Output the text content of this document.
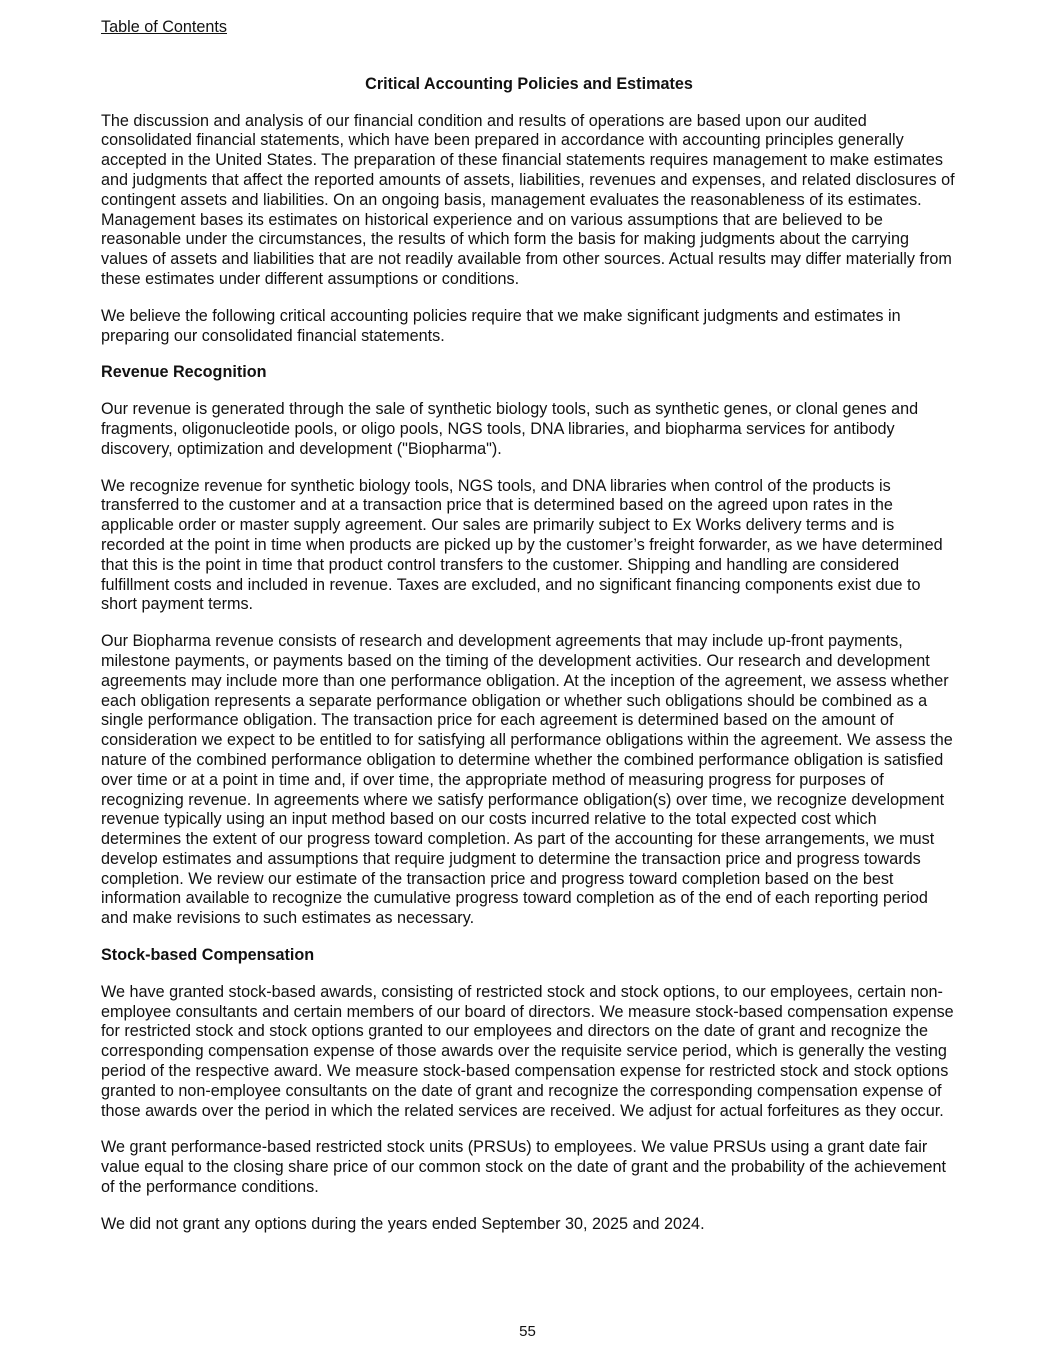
Table of Contents

Critical Accounting Policies and Estimates

The discussion and analysis of our financial condition and results of operations are based upon our audited consolidated financial statements, which have been prepared in accordance with accounting principles generally accepted in the United States. The preparation of these financial statements requires management to make estimates and judgments that affect the reported amounts of assets, liabilities, revenues and expenses, and related disclosures of contingent assets and liabilities. On an ongoing basis, management evaluates the reasonableness of its estimates. Management bases its estimates on historical experience and on various assumptions that are believed to be reasonable under the circumstances, the results of which form the basis for making judgments about the carrying values of assets and liabilities that are not readily available from other sources. Actual results may differ materially from these estimates under different assumptions or conditions.

We believe the following critical accounting policies require that we make significant judgments and estimates in preparing our consolidated financial statements.

Revenue Recognition

Our revenue is generated through the sale of synthetic biology tools, such as synthetic genes, or clonal genes and fragments, oligonucleotide pools, or oligo pools, NGS tools, DNA libraries, and biopharma services for antibody discovery, optimization and development ("Biopharma").

We recognize revenue for synthetic biology tools, NGS tools, and DNA libraries when control of the products is transferred to the customer and at a transaction price that is determined based on the agreed upon rates in the applicable order or master supply agreement. Our sales are primarily subject to Ex Works delivery terms and is recorded at the point in time when products are picked up by the customer’s freight forwarder, as we have determined that this is the point in time that product control transfers to the customer. Shipping and handling are considered fulfillment costs and included in revenue. Taxes are excluded, and no significant financing components exist due to short payment terms.

Our Biopharma revenue consists of research and development agreements that may include up-front payments, milestone payments, or payments based on the timing of the development activities. Our research and development agreements may include more than one performance obligation. At the inception of the agreement, we assess whether each obligation represents a separate performance obligation or whether such obligations should be combined as a single performance obligation. The transaction price for each agreement is determined based on the amount of consideration we expect to be entitled to for satisfying all performance obligations within the agreement. We assess the nature of the combined performance obligation to determine whether the combined performance obligation is satisfied over time or at a point in time and, if over time, the appropriate method of measuring progress for purposes of recognizing revenue. In agreements where we satisfy performance obligation(s) over time, we recognize development revenue typically using an input method based on our costs incurred relative to the total expected cost which determines the extent of our progress toward completion. As part of the accounting for these arrangements, we must develop estimates and assumptions that require judgment to determine the transaction price and progress towards completion. We review our estimate of the transaction price and progress toward completion based on the best information available to recognize the cumulative progress toward completion as of the end of each reporting period and make revisions to such estimates as necessary.

Stock-based Compensation

We have granted stock-based awards, consisting of restricted stock and stock options, to our employees, certain non-employee consultants and certain members of our board of directors. We measure stock-based compensation expense for restricted stock and stock options granted to our employees and directors on the date of grant and recognize the corresponding compensation expense of those awards over the requisite service period, which is generally the vesting period of the respective award. We measure stock-based compensation expense for restricted stock and stock options granted to non-employee consultants on the date of grant and recognize the corresponding compensation expense of those awards over the period in which the related services are received. We adjust for actual forfeitures as they occur.

We grant performance-based restricted stock units (PRSUs) to employees. We value PRSUs using a grant date fair value equal to the closing share price of our common stock on the date of grant and the probability of the achievement of the performance conditions.

We did not grant any options during the years ended September 30, 2025 and 2024.

55
